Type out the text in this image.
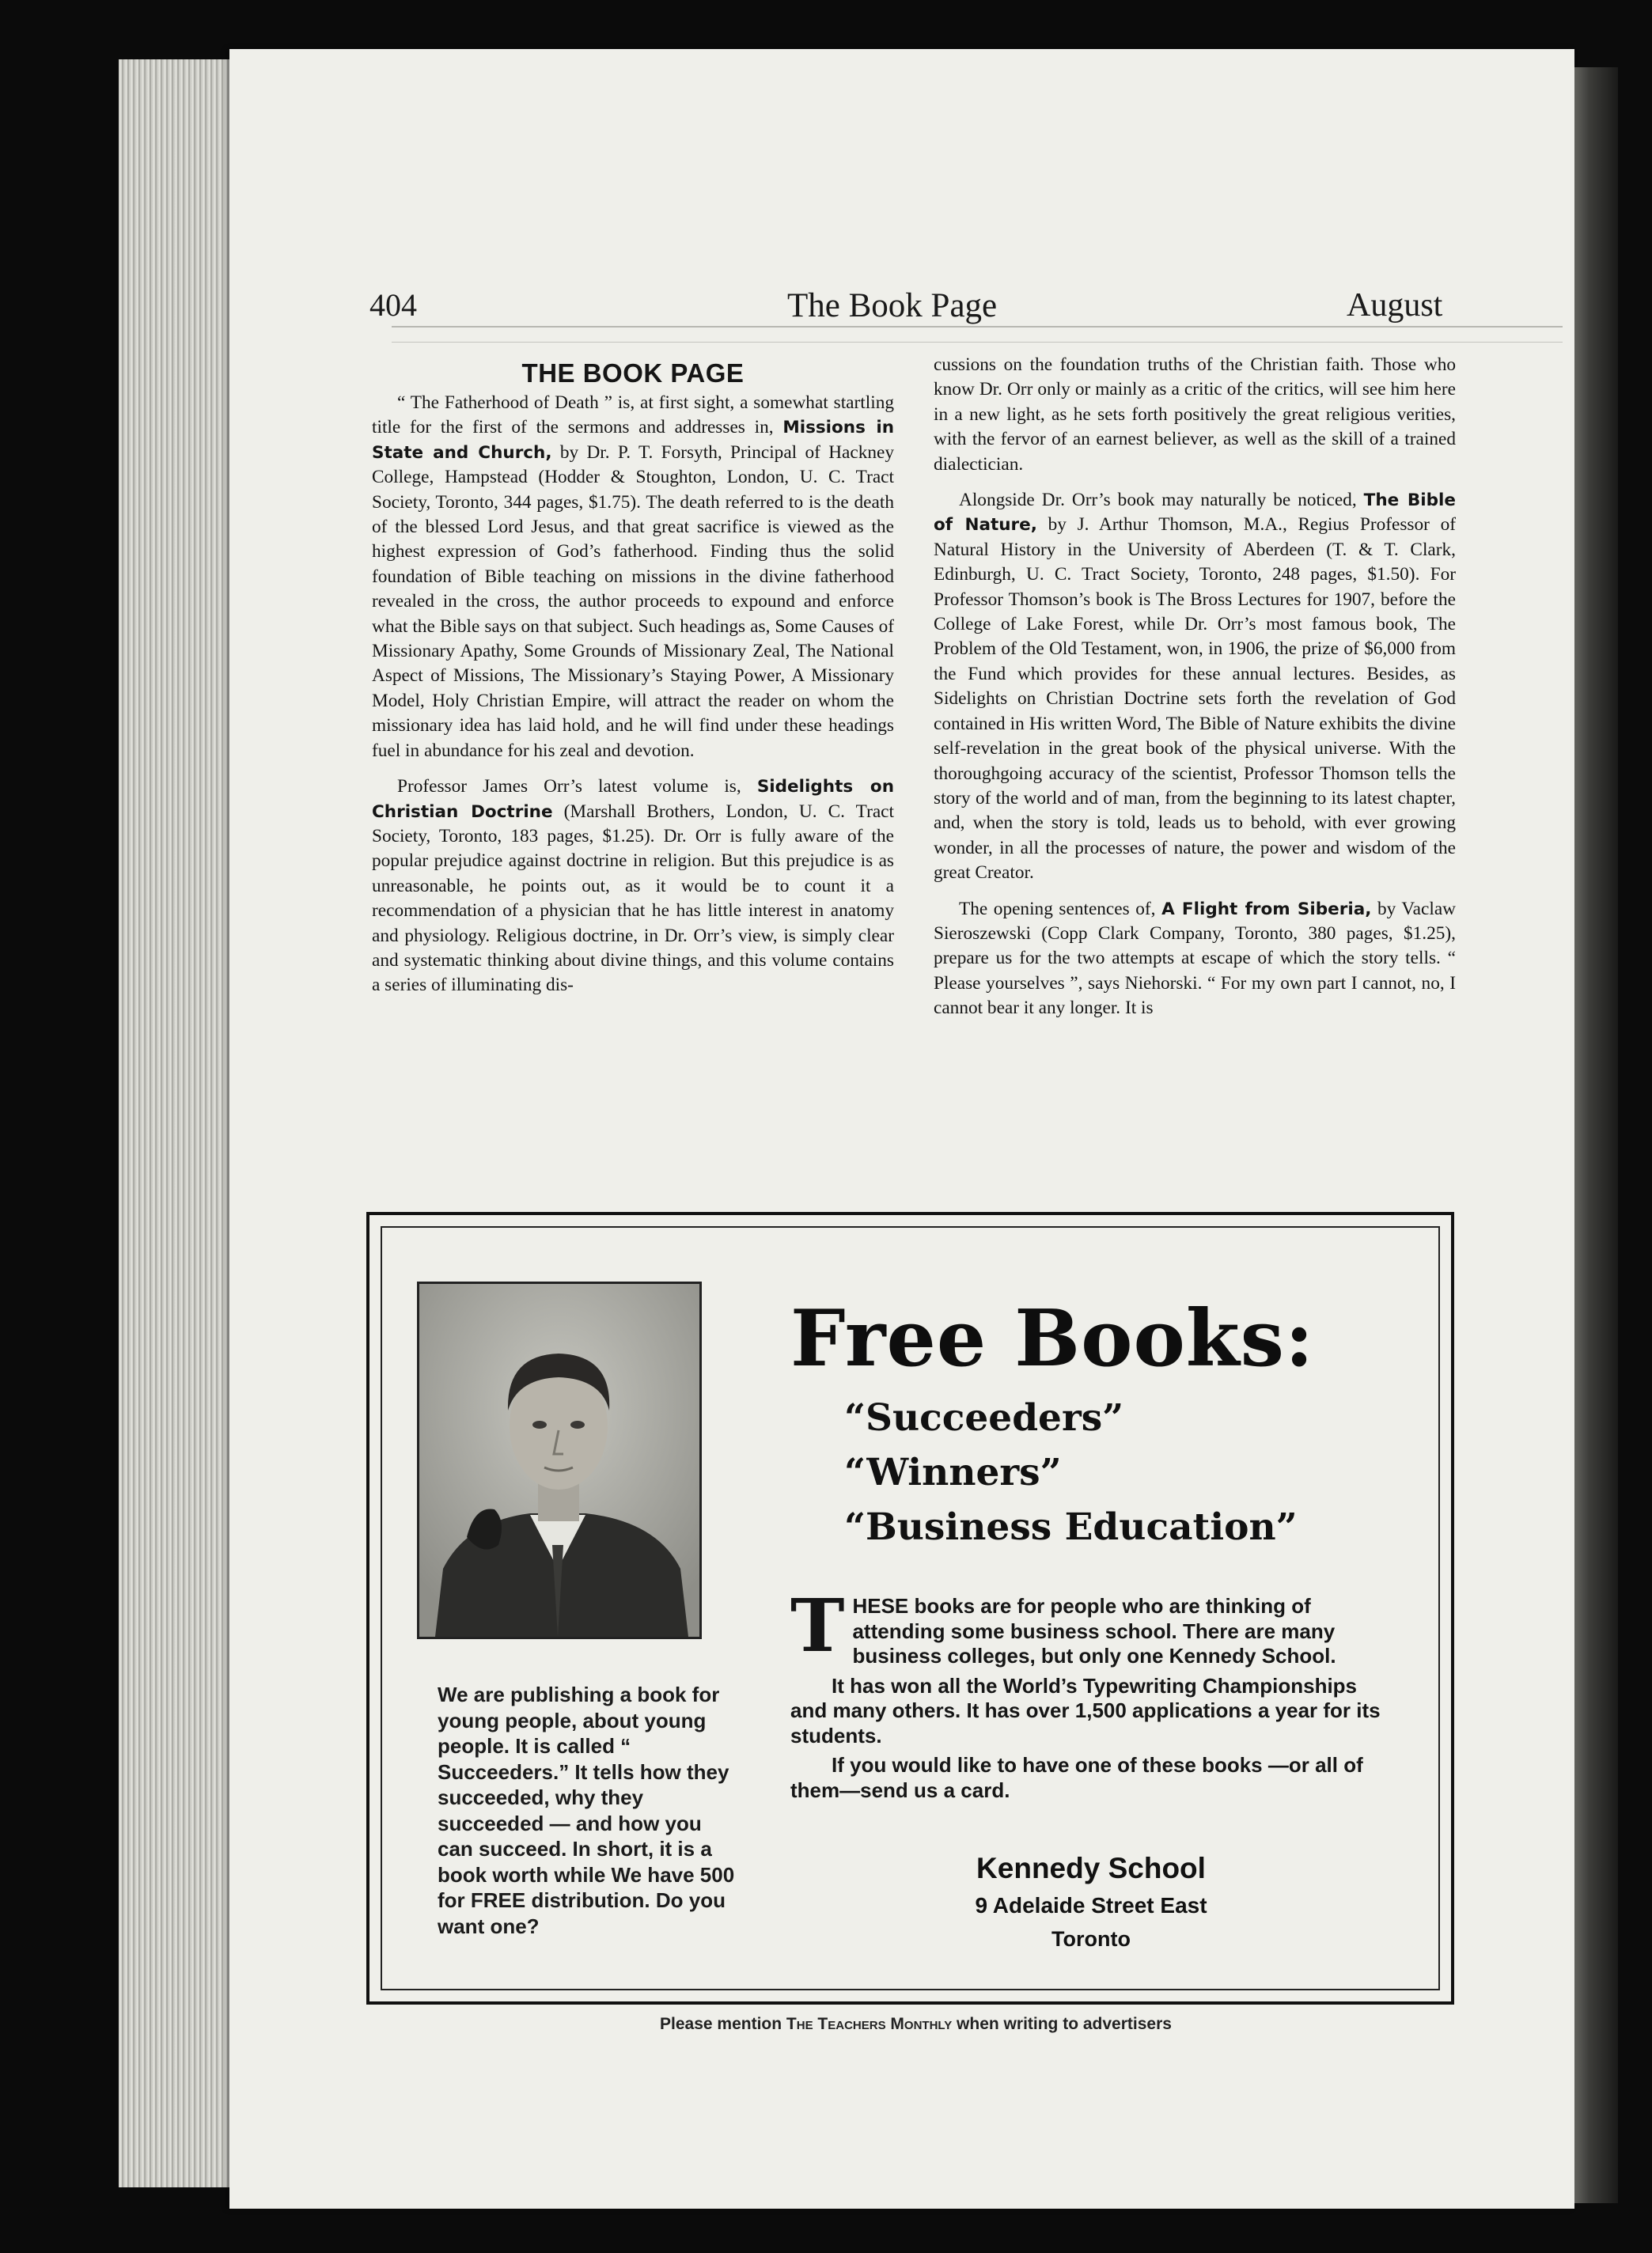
404	The Book Page	August
THE BOOK PAGE

“ The Fatherhood of Death ” is, at first sight, a somewhat startling title for the first of the sermons and addresses in, Missions in State and Church, by Dr. P. T. Forsyth, Principal of Hackney College, Hampstead (Hodder & Stoughton, London, U. C. Tract Society, Toronto, 344 pages, $1.75). The death referred to is the death of the blessed Lord Jesus, and that great sacrifice is viewed as the highest expression of God’s fatherhood. Finding thus the solid foundation of Bible teaching on missions in the divine fatherhood revealed in the cross, the author proceeds to expound and enforce what the Bible says on that subject. Such headings as, Some Causes of Missionary Apathy, Some Grounds of Missionary Zeal, The National Aspect of Missions, The Missionary’s Staying Power, A Missionary Model, Holy Christian Empire, will attract the reader on whom the missionary idea has laid hold, and he will find under these headings fuel in abundance for his zeal and devotion.

Professor James Orr’s latest volume is, Sidelights on Christian Doctrine (Marshall Brothers, London, U. C. Tract Society, Toronto, 183 pages, $1.25). Dr. Orr is fully aware of the popular prejudice against doctrine in religion. But this prejudice is as unreasonable, he points out, as it would be to count it a recommendation of a physician that he has little interest in anatomy and physiology. Religious doctrine, in Dr. Orr’s view, is simply clear and systematic thinking about divine things, and this volume contains a series of illuminating dis-

cussions on the foundation truths of the Christian faith. Those who know Dr. Orr only or mainly as a critic of the critics, will see him here in a new light, as he sets forth positively the great religious verities, with the fervor of an earnest believer, as well as the skill of a trained dialectician.

Alongside Dr. Orr’s book may naturally be noticed, The Bible of Nature, by J. Arthur Thomson, M.A., Regius Professor of Natural History in the University of Aberdeen (T. & T. Clark, Edinburgh, U. C. Tract Society, Toronto, 248 pages, $1.50). For Professor Thomson’s book is The Bross Lectures for 1907, before the College of Lake Forest, while Dr. Orr’s most famous book, The Problem of the Old Testament, won, in 1906, the prize of $6,000 from the Fund which provides for these annual lectures. Besides, as Sidelights on Christian Doctrine sets forth the revelation of God contained in His written Word, The Bible of Nature exhibits the divine self-revelation in the great book of the physical universe. With the thoroughgoing accuracy of the scientist, Professor Thomson tells the story of the world and of man, from the beginning to its latest chapter, and, when the story is told, leads us to behold, with ever growing wonder, in all the processes of nature, the power and wisdom of the great Creator.

The opening sentences of, A Flight from Siberia, by Vaclaw Sieroszewski (Copp Clark Company, Toronto, 380 pages, $1.25), prepare us for the two attempts at escape of which the story tells. “ Please yourselves ”, says Niehorski. “ For my own part I cannot, no, I cannot bear it any longer. It is

We are publishing a book for young people, about young people. It is called “ Succeeders.” It tells how they succeeded, why they succeeded — and how you can succeed. In short, it is a book worth while We have 500 for FREE distribution. Do you want one?
Free Books:
“Succeeders”
“Winners”
“Business Education”

THESE books are for people who are thinking of attending some business school. There are many business colleges, but only one Kennedy School.

It has won all the World’s Typewriting Championships and many others. It has over 1,500 applications a year for its students.

If you would like to have one of these books —or all of them—send us a card.

Kennedy School
9 Adelaide Street East
Toronto
Please mention The Teachers Monthly when writing to advertisers
